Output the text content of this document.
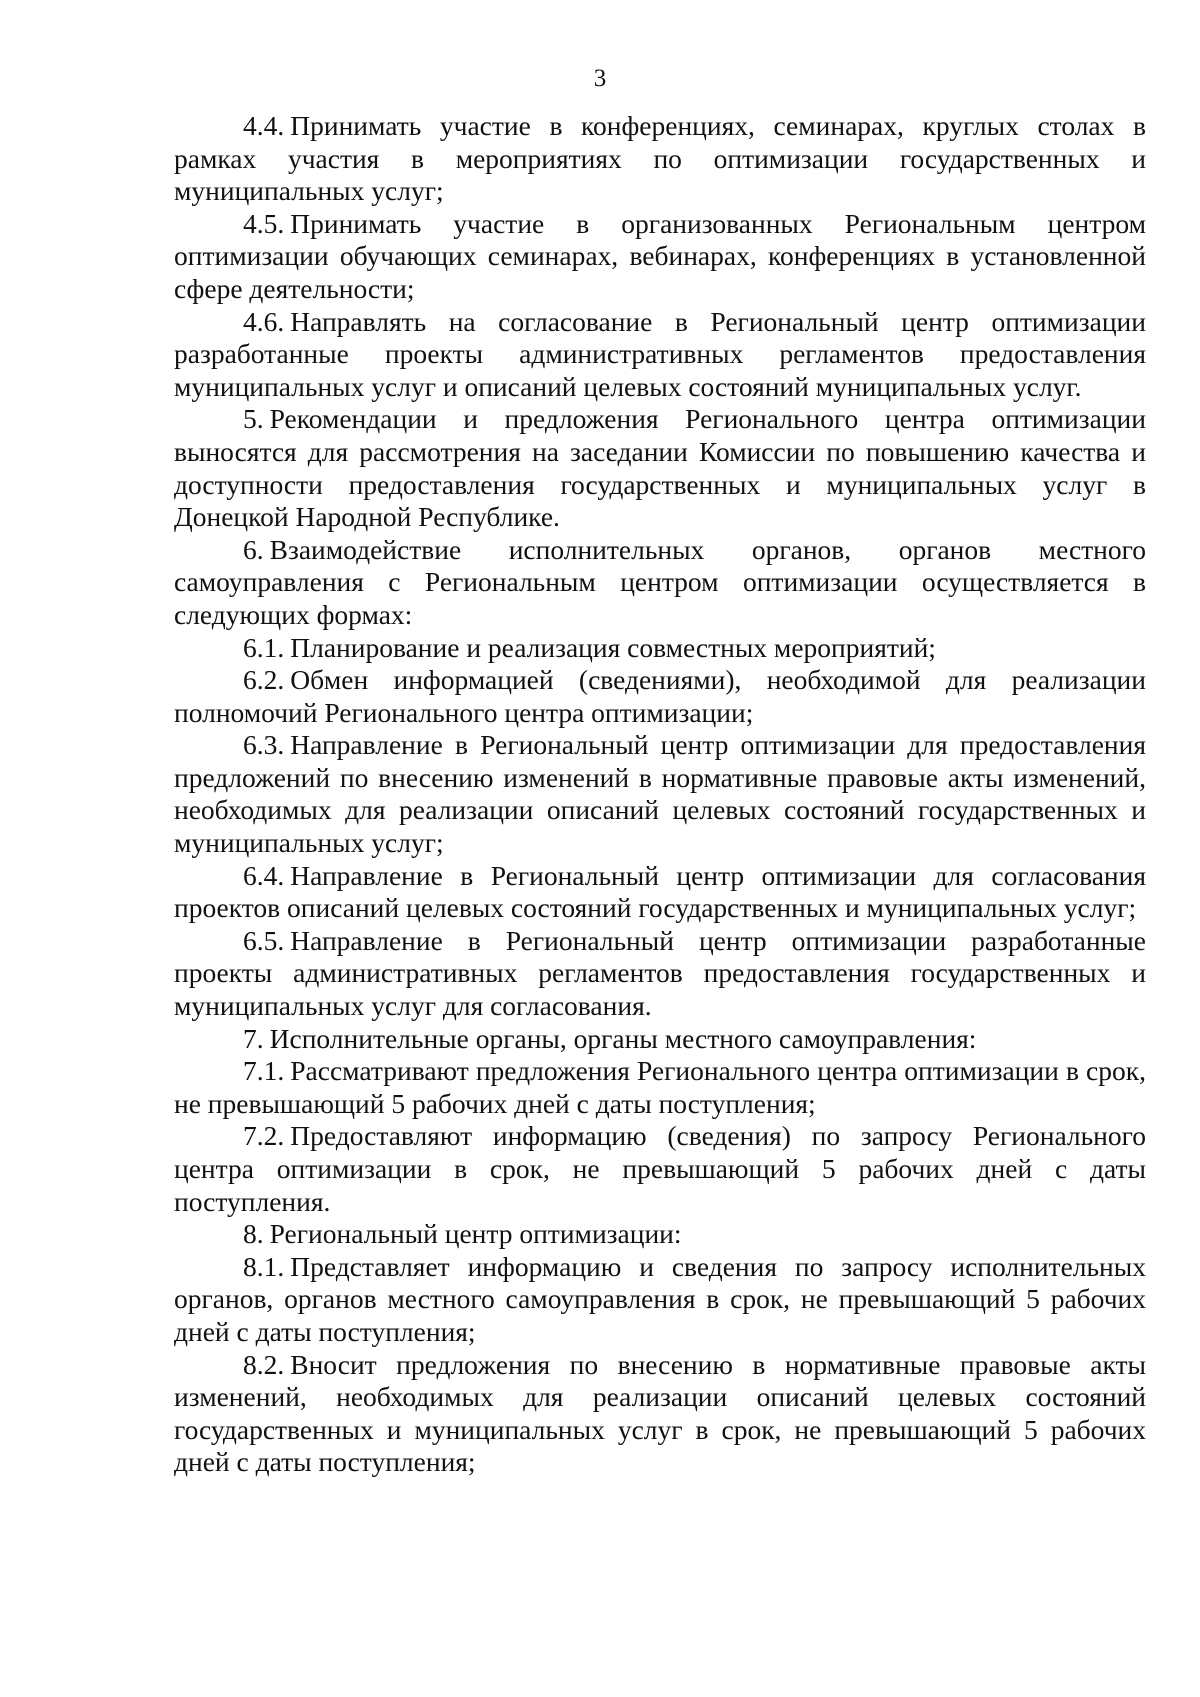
3

4.4. Принимать участие в конференциях, семинарах, круглых столах в рамках участия в мероприятиях по оптимизации государственных и муниципальных услуг;

4.5. Принимать участие в организованных Региональным центром оптимизации обучающих семинарах, вебинарах, конференциях в установленной сфере деятельности;

4.6. Направлять на согласование в Региональный центр оптимизации разработанные проекты административных регламентов предоставления муниципальных услуг и описаний целевых состояний муниципальных услуг.

5. Рекомендации и предложения Регионального центра оптимизации выносятся для рассмотрения на заседании Комиссии по повышению качества и доступности предоставления государственных и муниципальных услуг в Донецкой Народной Республике.

6. Взаимодействие исполнительных органов, органов местного самоуправления с Региональным центром оптимизации осуществляется в следующих формах:

6.1. Планирование и реализация совместных мероприятий;

6.2. Обмен информацией (сведениями), необходимой для реализации полномочий Регионального центра оптимизации;

6.3. Направление в Региональный центр оптимизации для предоставления предложений по внесению изменений в нормативные правовые акты изменений, необходимых для реализации описаний целевых состояний государственных и муниципальных услуг;

6.4. Направление в Региональный центр оптимизации для согласования проектов описаний целевых состояний государственных и муниципальных услуг;

6.5. Направление в Региональный центр оптимизации разработанные проекты административных регламентов предоставления государственных и муниципальных услуг для согласования.

7. Исполнительные органы, органы местного самоуправления:

7.1. Рассматривают предложения Регионального центра оптимизации в срок, не превышающий 5 рабочих дней с даты поступления;

7.2. Предоставляют информацию (сведения) по запросу Регионального центра оптимизации в срок, не превышающий 5 рабочих дней с даты поступления.

8. Региональный центр оптимизации:

8.1. Представляет информацию и сведения по запросу исполнительных органов, органов местного самоуправления в срок, не превышающий 5 рабочих дней с даты поступления;

8.2. Вносит предложения по внесению в нормативные правовые акты изменений, необходимых для реализации описаний целевых состояний государственных и муниципальных услуг в срок, не превышающий 5 рабочих дней с даты поступления;
